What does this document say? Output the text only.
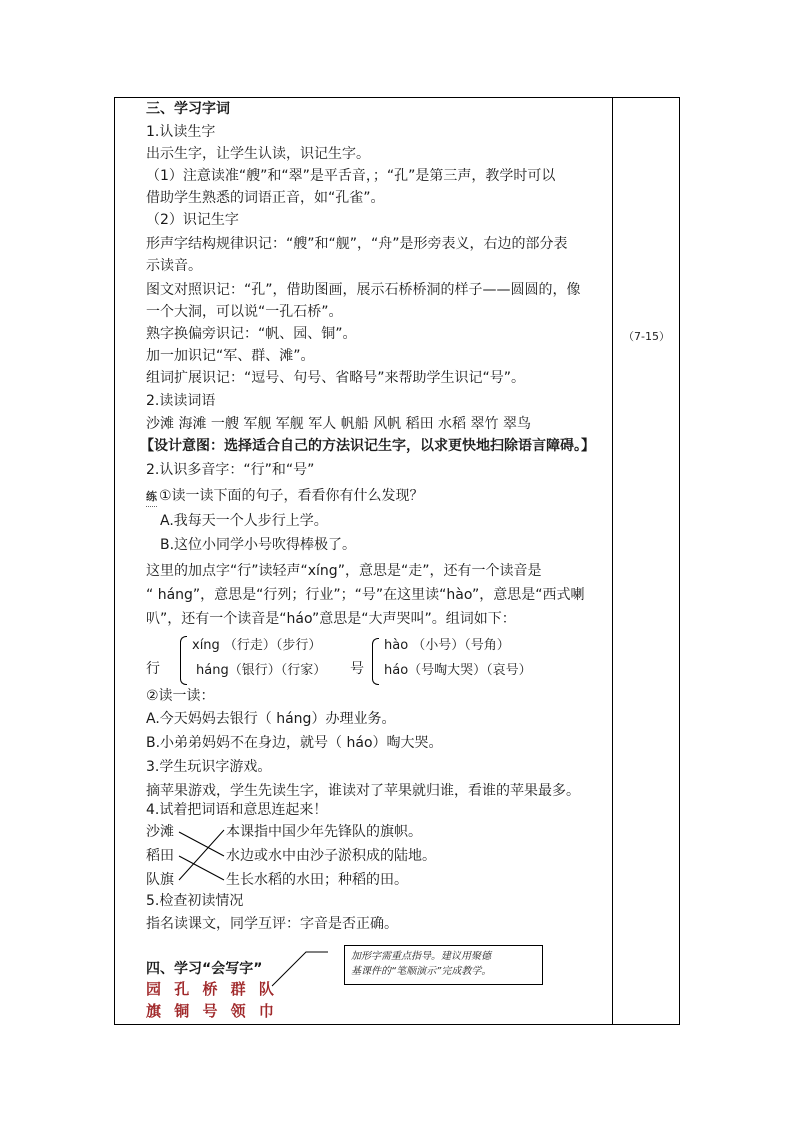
（7-15）
三、学习字词
1.认读生字
出示生字，让学生认读，识记生字。
（1）注意读准“艘”和“翠”是平舌音，；“孔”是第三声，教学时可以
借助学生熟悉的词语正音，如“孔雀”。
（2）识记生字
形声字结构规律识记：“艘”和“舰”，“舟”是形旁表义，右边的部分表
示读音。
图文对照识记：“孔”，借助图画，展示石桥桥洞的样子——圆圆的，像
一个大洞，可以说“一孔石桥”。
熟字换偏旁识记：“帆、园、铜”。
加一加识记“军、群、滩”。
组词扩展识记：“逗号、句号、省略号”来帮助学生识记“号”。
2.读读词语
沙滩 海滩 一艘 军舰 军舰 军人 帆船 风帆 稻田 水稻 翠竹 翠鸟
【设计意图：选择适合自己的方法识记生字，以求更快地扫除语言障碍。】
2.认识多音字：“行”和“号”
练 ①读一读下面的句子，看看你有什么发现？
A.我每天一个人步行上学。
B.这位小同学小号吹得棒极了。
这里的加点字“行”读轻声“xíng”，意思是“走”，还有一个读音是
“ háng”，意思是“行列；行业”；“号”在这里读“hào”，意思是“西式喇
叭”，还有一个读音是“háo”意思是“大声哭叫”。组词如下：
行
xíng （行走）（步行）
háng（银行）（行家） 号
hào （小号）（号角）
háo（号啕大哭）（哀号）
②读一读：
A.今天妈妈去银行（ háng）办理业务。
B.小弟弟妈妈不在身边，就号（ háo）啕大哭。
3.学生玩识字游戏。
摘苹果游戏，学生先读生字，谁读对了苹果就归谁，看谁的苹果最多。
4.试着把词语和意思连起来！
沙滩
稻田
队旗
本课指中国少年先锋队的旗帜。
水边或水中由沙子淤积成的陆地。
生长水稻的水田；种稻的田。
5.检查初读情况
指名读课文，同学互评：字音是否正确。
四、学习“会写字”
园 孔 桥 群 队
旗 铜 号 领 巾
加形字需重点指导。建议用聚德
基课件的“笔顺演示”完成教学。
